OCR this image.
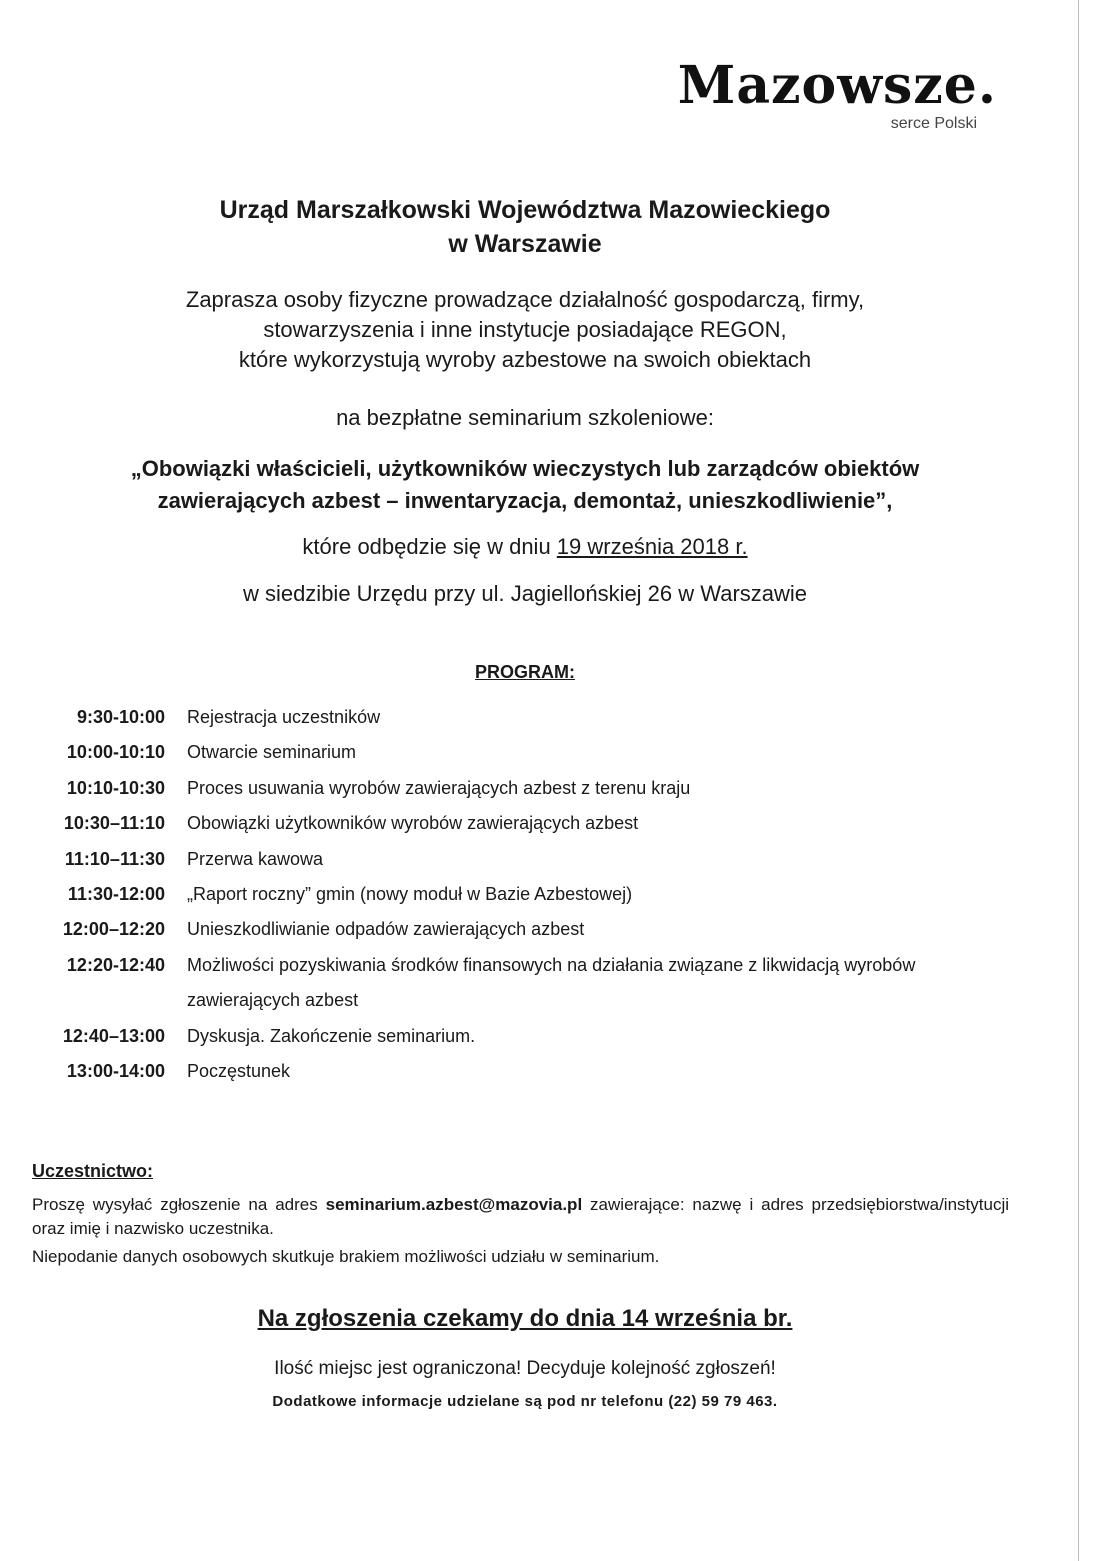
Mazowsze.
serce Polski
Urząd Marszałkowski Województwa Mazowieckiego
w Warszawie
Zaprasza osoby fizyczne prowadzące działalność gospodarczą, firmy,
stowarzyszenia i inne instytucje posiadające REGON,
które wykorzystują wyroby azbestowe na swoich obiektach
na bezpłatne seminarium szkoleniowe:
„Obowiązki właścicieli, użytkowników wieczystych lub zarządców obiektów
zawierających azbest – inwentaryzacja, demontaż, unieszkodliwienie”,
które odbędzie się w dniu 19 września 2018 r.
w siedzibie Urzędu przy ul. Jagiellońskiej 26 w Warszawie
PROGRAM:
9:30-10:00 Rejestracja uczestników
10:00-10:10 Otwarcie seminarium
10:10-10:30 Proces usuwania wyrobów zawierających azbest z terenu kraju
10:30–11:10 Obowiązki użytkowników wyrobów zawierających azbest
11:10–11:30 Przerwa kawowa
11:30-12:00 „Raport roczny” gmin (nowy moduł w Bazie Azbestowej)
12:00–12:20 Unieszkodliwianie odpadów zawierających azbest
12:20-12:40 Możliwości pozyskiwania środków finansowych na działania związane z likwidacją wyrobów
zawierających azbest
12:40–13:00 Dyskusja. Zakończenie seminarium.
13:00-14:00 Poczęstunek
Uczestnictwo:
Proszę wysyłać zgłoszenie na adres seminarium.azbest@mazovia.pl zawierające: nazwę i adres przedsiębiorstwa/instytucji oraz imię i nazwisko uczestnika.
Niepodanie danych osobowych skutkuje brakiem możliwości udziału w seminarium.
Na zgłoszenia czekamy do dnia 14 września br.
Ilość miejsc jest ograniczona! Decyduje kolejność zgłoszeń!
Dodatkowe informacje udzielane są pod nr telefonu (22) 59 79 463.
